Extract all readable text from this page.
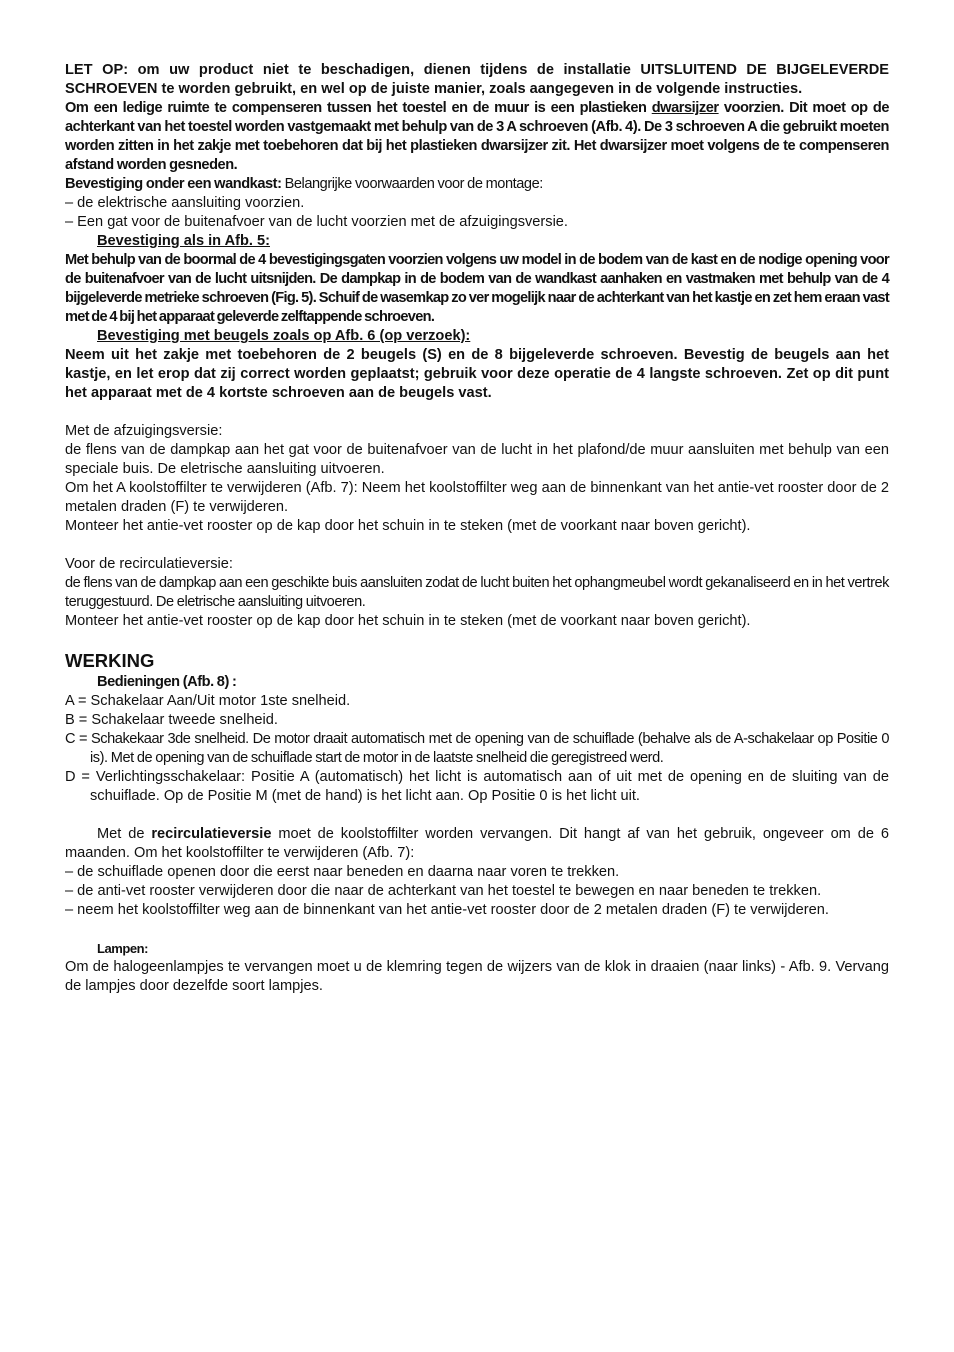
LET OP: om uw product niet te beschadigen, dienen tijdens de installatie UITSLUITEND DE BIJGELEVERDE SCHROEVEN te worden gebruikt, en wel op de juiste manier, zoals aangegeven in de volgende instructies.

Om een ledige ruimte te compenseren tussen het toestel en de muur is een plastieken dwarsijzer voorzien. Dit moet op de achterkant van het toestel worden vastgemaakt met behulp van de 3 A schroeven (Afb. 4). De 3 schroeven A die gebruikt moeten worden zitten in het zakje met toebehoren dat bij het plastieken dwarsijzer zit. Het dwarsijzer moet volgens de te compenseren afstand worden gesneden.

Bevestiging onder een wandkast: Belangrijke voorwaarden voor de montage:

– de elektrische aansluiting voorzien.

– Een gat voor de buitenafvoer van de lucht voorzien met de afzuigingsversie.

Bevestiging als in Afb. 5:

Met behulp van de boormal de 4 bevestigingsgaten voorzien volgens uw model in de bodem van de kast en de nodige opening voor de buitenafvoer van de lucht uitsnijden. De dampkap in de bodem van de wandkast aanhaken en vastmaken met behulp van de 4 bijgeleverde metrieke schroeven (Fig. 5). Schuif de wasemkap zo ver mogelijk naar de achterkant van het kastje en zet hem eraan vast met de 4 bij het apparaat geleverde zelftappende schroeven.

Bevestiging met beugels zoals op Afb. 6 (op verzoek):

Neem uit het zakje met toebehoren de 2 beugels (S) en de 8 bijgeleverde schroeven. Bevestig de beugels aan het kastje, en let erop dat zij correct worden geplaatst; gebruik voor deze operatie de 4 langste schroeven. Zet op dit punt het apparaat met de 4 kortste schroeven aan de beugels vast.

Met de afzuigingsversie:

de flens van de dampkap aan het gat voor de buitenafvoer van de lucht in het plafond/de muur aansluiten met behulp van een speciale buis. De eletrische aansluiting uitvoeren.

Om het A koolstoffilter te verwijderen (Afb. 7): Neem het koolstoffilter weg aan de binnenkant van het antie-vet rooster door de 2 metalen draden (F) te verwijderen.

Monteer het antie-vet rooster op de kap door het schuin in te steken (met de voorkant naar boven gericht).

Voor de recirculatieversie:

de flens van de dampkap aan een geschikte buis aansluiten zodat de lucht buiten het ophangmeubel wordt gekanaliseerd en in het vertrek teruggestuurd. De eletrische aansluiting uitvoeren.

Monteer het antie-vet rooster op de kap door het schuin in te steken (met de voorkant naar boven gericht).

WERKING

Bedieningen (Afb. 8) :

A = Schakelaar Aan/Uit motor 1ste snelheid.

B = Schakelaar tweede snelheid.

C = Schakekaar 3de snelheid. De motor draait automatisch met de opening van de schuiflade (behalve als de A-schakelaar op Positie 0 is). Met de opening van de schuiflade start de motor in de laatste snelheid die geregistreed werd.

D = Verlichtingsschakelaar: Positie A (automatisch) het licht is automatisch aan of uit met de opening en de sluiting van de schuiflade. Op de Positie M (met de hand) is het licht aan. Op Positie 0 is het licht uit.

Met de recirculatieversie moet de koolstoffilter worden vervangen. Dit hangt af van het gebruik, ongeveer om de 6 maanden. Om het koolstoffilter te verwijderen (Afb. 7):

– de schuiflade openen door die eerst naar beneden en daarna naar voren te trekken.

– de anti-vet rooster verwijderen door die naar de achterkant van het toestel te bewegen en naar beneden te trekken.

– neem het koolstoffilter weg aan de binnenkant van het antie-vet rooster door de 2 metalen draden (F) te verwijderen.

Lampen:

Om de halogeenlampjes te vervangen moet u de klemring tegen de wijzers van de klok in draaien (naar links) - Afb. 9. Vervang de lampjes door dezelfde soort lampjes.
